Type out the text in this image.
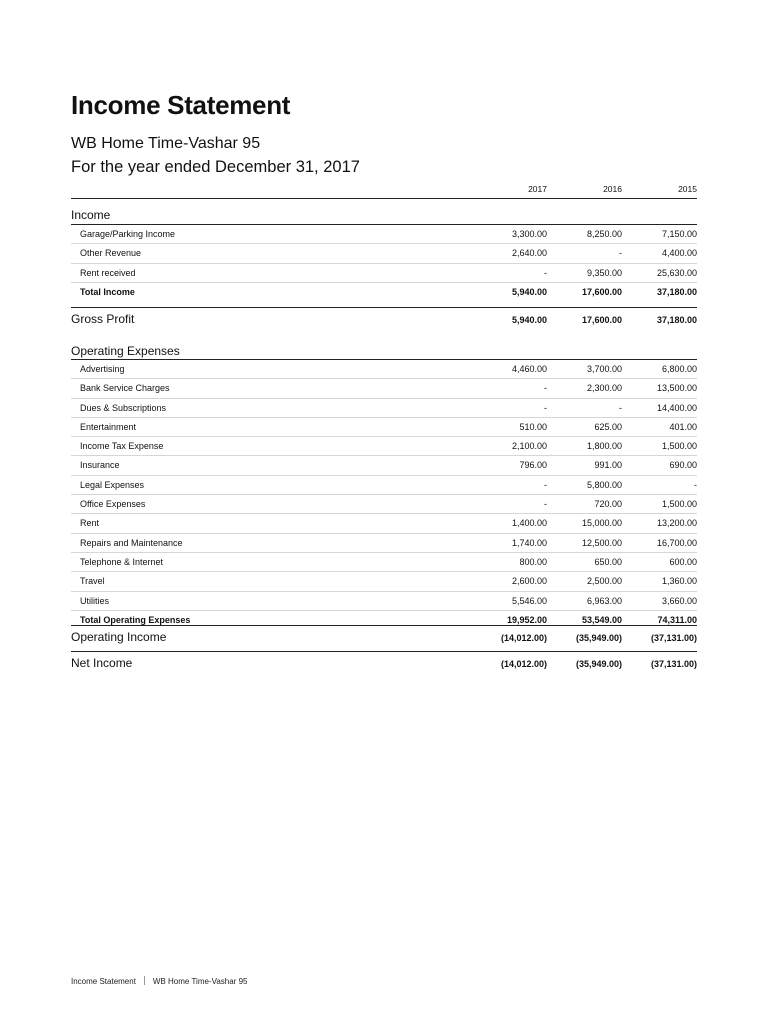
Income Statement
WB Home Time-Vashar 95
For the year ended December 31, 2017
2017	2016	2015
Income
Garage/Parking Income	3,300.00	8,250.00	7,150.00
Other Revenue	2,640.00	-	4,400.00
Rent received	-	9,350.00	25,630.00
Total Income	5,940.00	17,600.00	37,180.00
Gross Profit	5,940.00	17,600.00	37,180.00
Operating Expenses
Advertising	4,460.00	3,700.00	6,800.00
Bank Service Charges	-	2,300.00	13,500.00
Dues & Subscriptions	-	-	14,400.00
Entertainment	510.00	625.00	401.00
Income Tax Expense	2,100.00	1,800.00	1,500.00
Insurance	796.00	991.00	690.00
Legal Expenses	-	5,800.00	-
Office Expenses	-	720.00	1,500.00
Rent	1,400.00	15,000.00	13,200.00
Repairs and Maintenance	1,740.00	12,500.00	16,700.00
Telephone & Internet	800.00	650.00	600.00
Travel	2,600.00	2,500.00	1,360.00
Utilities	5,546.00	6,963.00	3,660.00
Total Operating Expenses	19,952.00	53,549.00	74,311.00
Operating Income	(14,012.00)	(35,949.00)	(37,131.00)
Net Income	(14,012.00)	(35,949.00)	(37,131.00)
Income Statement WB Home Time-Vashar 95
